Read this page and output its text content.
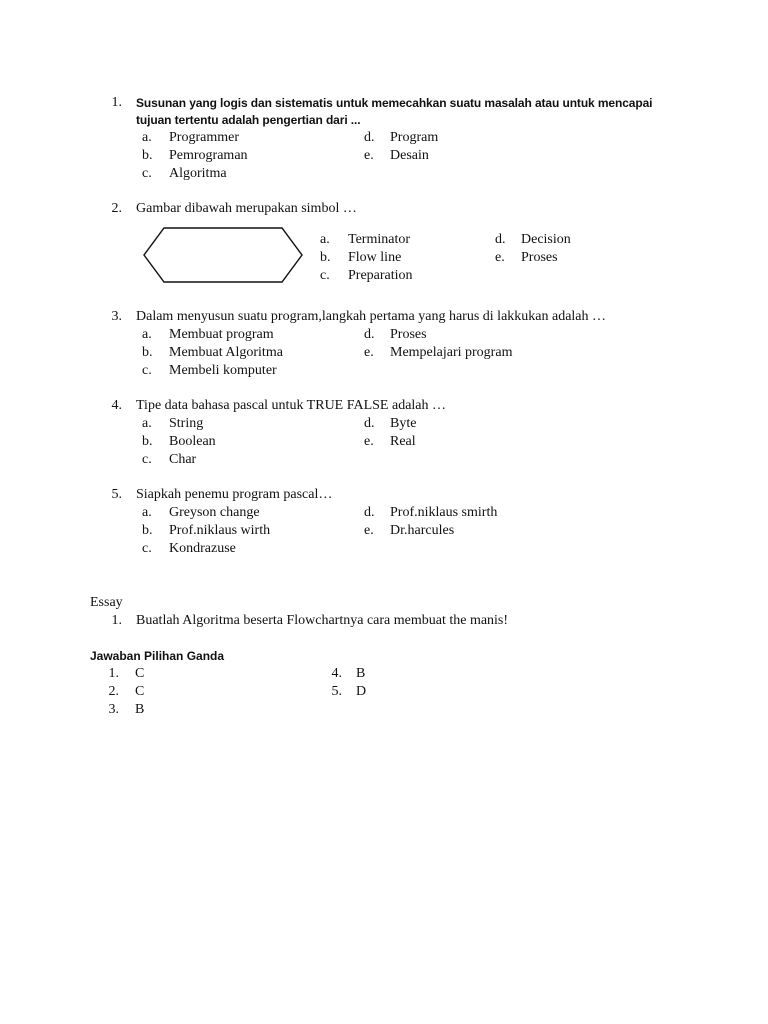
1. Susunan yang logis dan sistematis untuk memecahkan suatu masalah atau untuk mencapai
tujuan tertentu adalah pengertian dari ...
a.	Programmer
b.	Pemrograman
c.	Algoritma
d.	Program
e.	Desain
2. Gambar dibawah merupakan simbol …
a.	Terminator
b.	Flow line
c.	Preparation
d.	Decision
e.	Proses
3. Dalam menyusun suatu program,langkah pertama yang harus di lakkukan adalah …
a.	Membuat program
b.	Membuat Algoritma
c.	Membeli komputer
d.	Proses
e.	Mempelajari program
4. Tipe data bahasa pascal untuk TRUE FALSE adalah …
a.	String
b.	Boolean
c.	Char
d.	Byte
e.	Real
5. Siapkah penemu program pascal…
a.	Greyson change
b.	Prof.niklaus wirth
c.	Kondrazuse
d.	Prof.niklaus smirth
e.	Dr.harcules
Essay
1. Buatlah Algoritma beserta Flowchartnya cara membuat the manis!
Jawaban Pilihan Ganda
1. C
2. C
3. B
4. B
5. D
